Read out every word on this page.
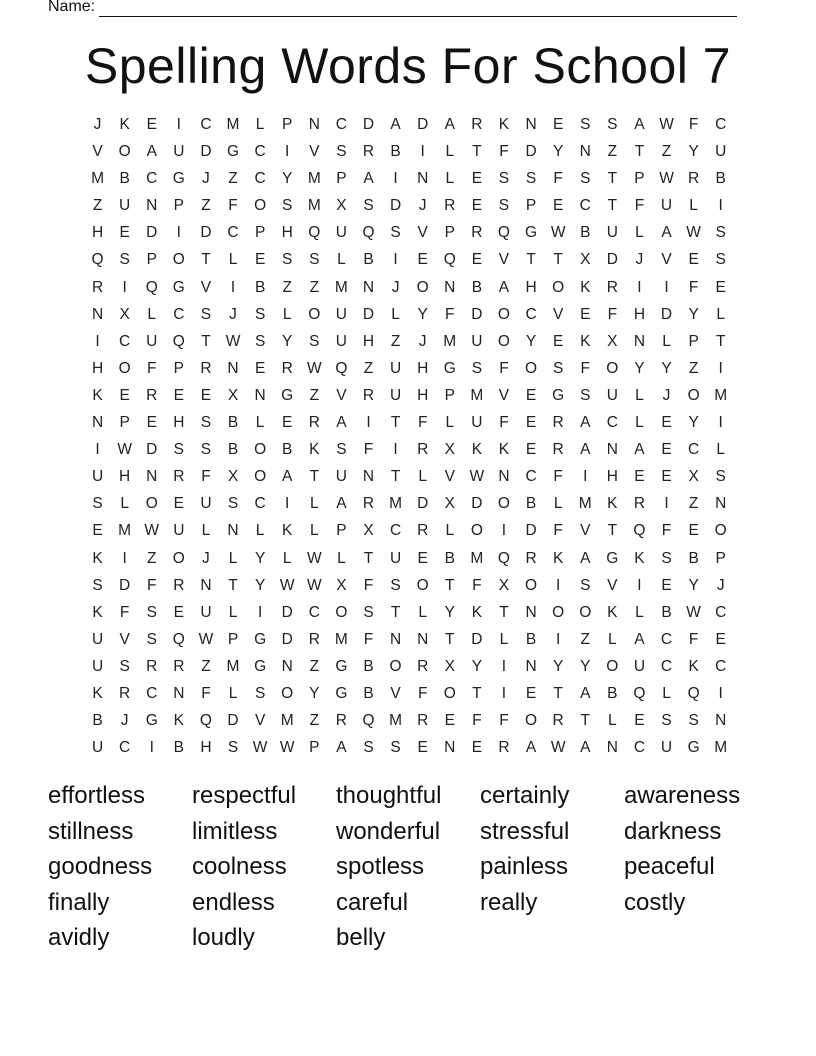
Name:
Spelling Words For School 7
J	K	E	I	C M	L	P	N	C	D	A	D	A	R	K	N	E	S	S	A W F	C
V	O	A	U	D G C	I	V	S	R	B	I	L	T	F	D	Y	N	Z	T	Z	Y	U
M B	C G	J	Z	C	Y M P	A	I	N	L	E	S	S	F	S	T	P W R	B
Z	U	N	P	Z	F	O	S M X	S	D	J	R	E	S	P	E	C	T	F	U	L	I
H	E	D	I	D	C	P	H Q U Q	S	V	P	R Q G W B	U	L	A W S
Q	S	P	O	T	L	E	S	S	L	B	I	E	Q	E	V	T	T	X	D	J	V	E	S
R	I	Q G	V	I	B	Z	Z	M N	J	O N	B	A	H O	K	R	I	I	F	E
N	X	L	C	S	J	S	L	O U	D	L	Y	F	D O C	V	E	F	H	D	Y	L
I	C	U Q	T W S	Y	S	U	H	Z	J	M U O	Y	E	K	X	N	L	P	T
H O	F	P	R	N	E	R W Q	Z	U	H G	S	F	O	S	F	O	Y	Y	Z	I
K	E	R	E	E	X	N G	Z	V	R	U	H	P M V	E	G	S	U	L	J	O M
N	P	E	H	S	B	L	E	R	A	I	T	F	L	U	F	E	R	A	C	L	E	Y	I
I	W D	S	S	B	O	B	K	S	F	I	R	X	K	K	E	R	A	N	A	E	C	L
U	H	N	R	F	X	O	A	T	U	N	T	L	V W N	C	F	I	H	E	E	X	S
S	L	O	E	U	S	C	I	L	A	R M D	X	D O	B	L	M K	R	I	Z	N
E M W U	L	N	L	K	L	P	X	C	R	L	O	I	D	F	V	T	Q	F	E	O
K	I	Z	O	J	L	Y	L W L	T	U	E	B M Q R	K	A	G	K	S	B	P
S	D	F	R	N	T	Y W W X	F	S	O	T	F	X	O	I	S	V	I	E	Y	J
K	F	S	E	U	L	I	D	C O	S	T	L	Y	K	T	N O O	K	L	B W C
U	V	S	Q W P	G D	R M	F	N	N	T	D	L	B	I	Z	L	A	C	F	E
U	S	R	R	Z	M G N	Z	G	B	O R	X	Y	I	N	Y	Y	O U	C	K	C
K	R	C	N	F	L	S	O	Y	G	B	V	F	O	T	I	E	T	A	B	Q	L	Q	I
B	J	G	K	Q D	V M	Z	R Q M R	E	F	F	O R	T	L	E	S	S	N
U	C	I	B	H	S W W P	A	S	S	E	N	E	R	A W A	N	C	U G M
effortless	respectful	thoughtful	certainly	awareness
stillness	limitless	wonderful	stressful	darkness
goodness	coolness	spotless	painless	peaceful
finally	endless	careful	really	costly
avidly	loudly	belly
